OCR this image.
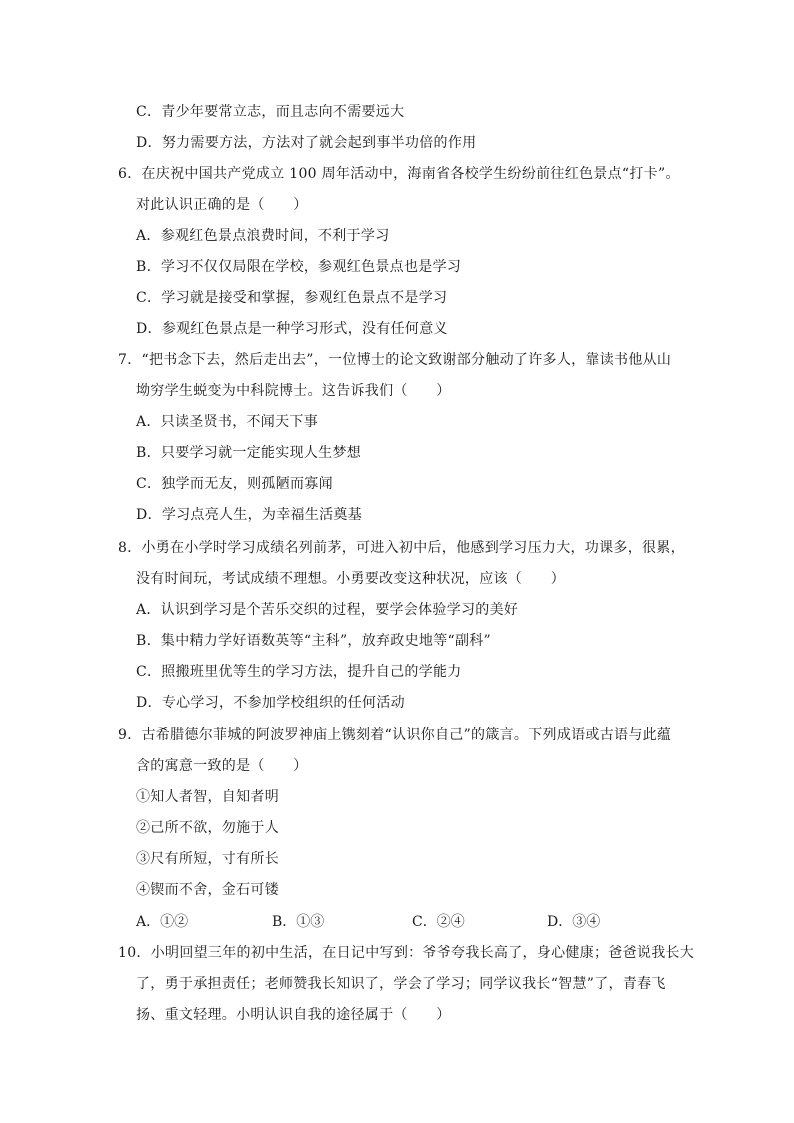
C．青少年要常立志，而且志向不需要远大
D．努力需要方法，方法对了就会起到事半功倍的作用
6．在庆祝中国共产党成立 100 周年活动中，海南省各校学生纷纷前往红色景点“打卡”。
对此认识正确的是（　　）
A．参观红色景点浪费时间，不利于学习
B．学习不仅仅局限在学校，参观红色景点也是学习
C．学习就是接受和掌握，参观红色景点不是学习
D．参观红色景点是一种学习形式，没有任何意义
7．“把书念下去，然后走出去”，一位博士的论文致谢部分触动了许多人，靠读书他从山
坳穷学生蜕变为中科院博士。这告诉我们（　　）
A．只读圣贤书，不闻天下事
B．只要学习就一定能实现人生梦想
C．独学而无友，则孤陋而寡闻
D．学习点亮人生，为幸福生活奠基
8．小勇在小学时学习成绩名列前茅，可进入初中后，他感到学习压力大，功课多，很累，
没有时间玩，考试成绩不理想。小勇要改变这种状况，应该（　　）
A．认识到学习是个苦乐交织的过程，要学会体验学习的美好
B．集中精力学好语数英等“主科”，放弃政史地等“副科”
C．照搬班里优等生的学习方法，提升自己的学能力
D．专心学习，不参加学校组织的任何活动
9．古希腊德尔菲城的阿波罗神庙上镌刻着“认识你自己”的箴言。下列成语或古语与此蕴
含的寓意一致的是（　　）
①知人者智，自知者明
②己所不欲，勿施于人
③尺有所短，寸有所长
④锲而不舍，金石可镂
A．①②	B．①③	C．②④	D．③④
10．小明回望三年的初中生活，在日记中写到：爷爷夸我长高了，身心健康；爸爸说我长大
了，勇于承担责任；老师赞我长知识了，学会了学习；同学议我长“智慧”了，青春飞
扬、重文轻理。小明认识自我的途径属于（　　）
